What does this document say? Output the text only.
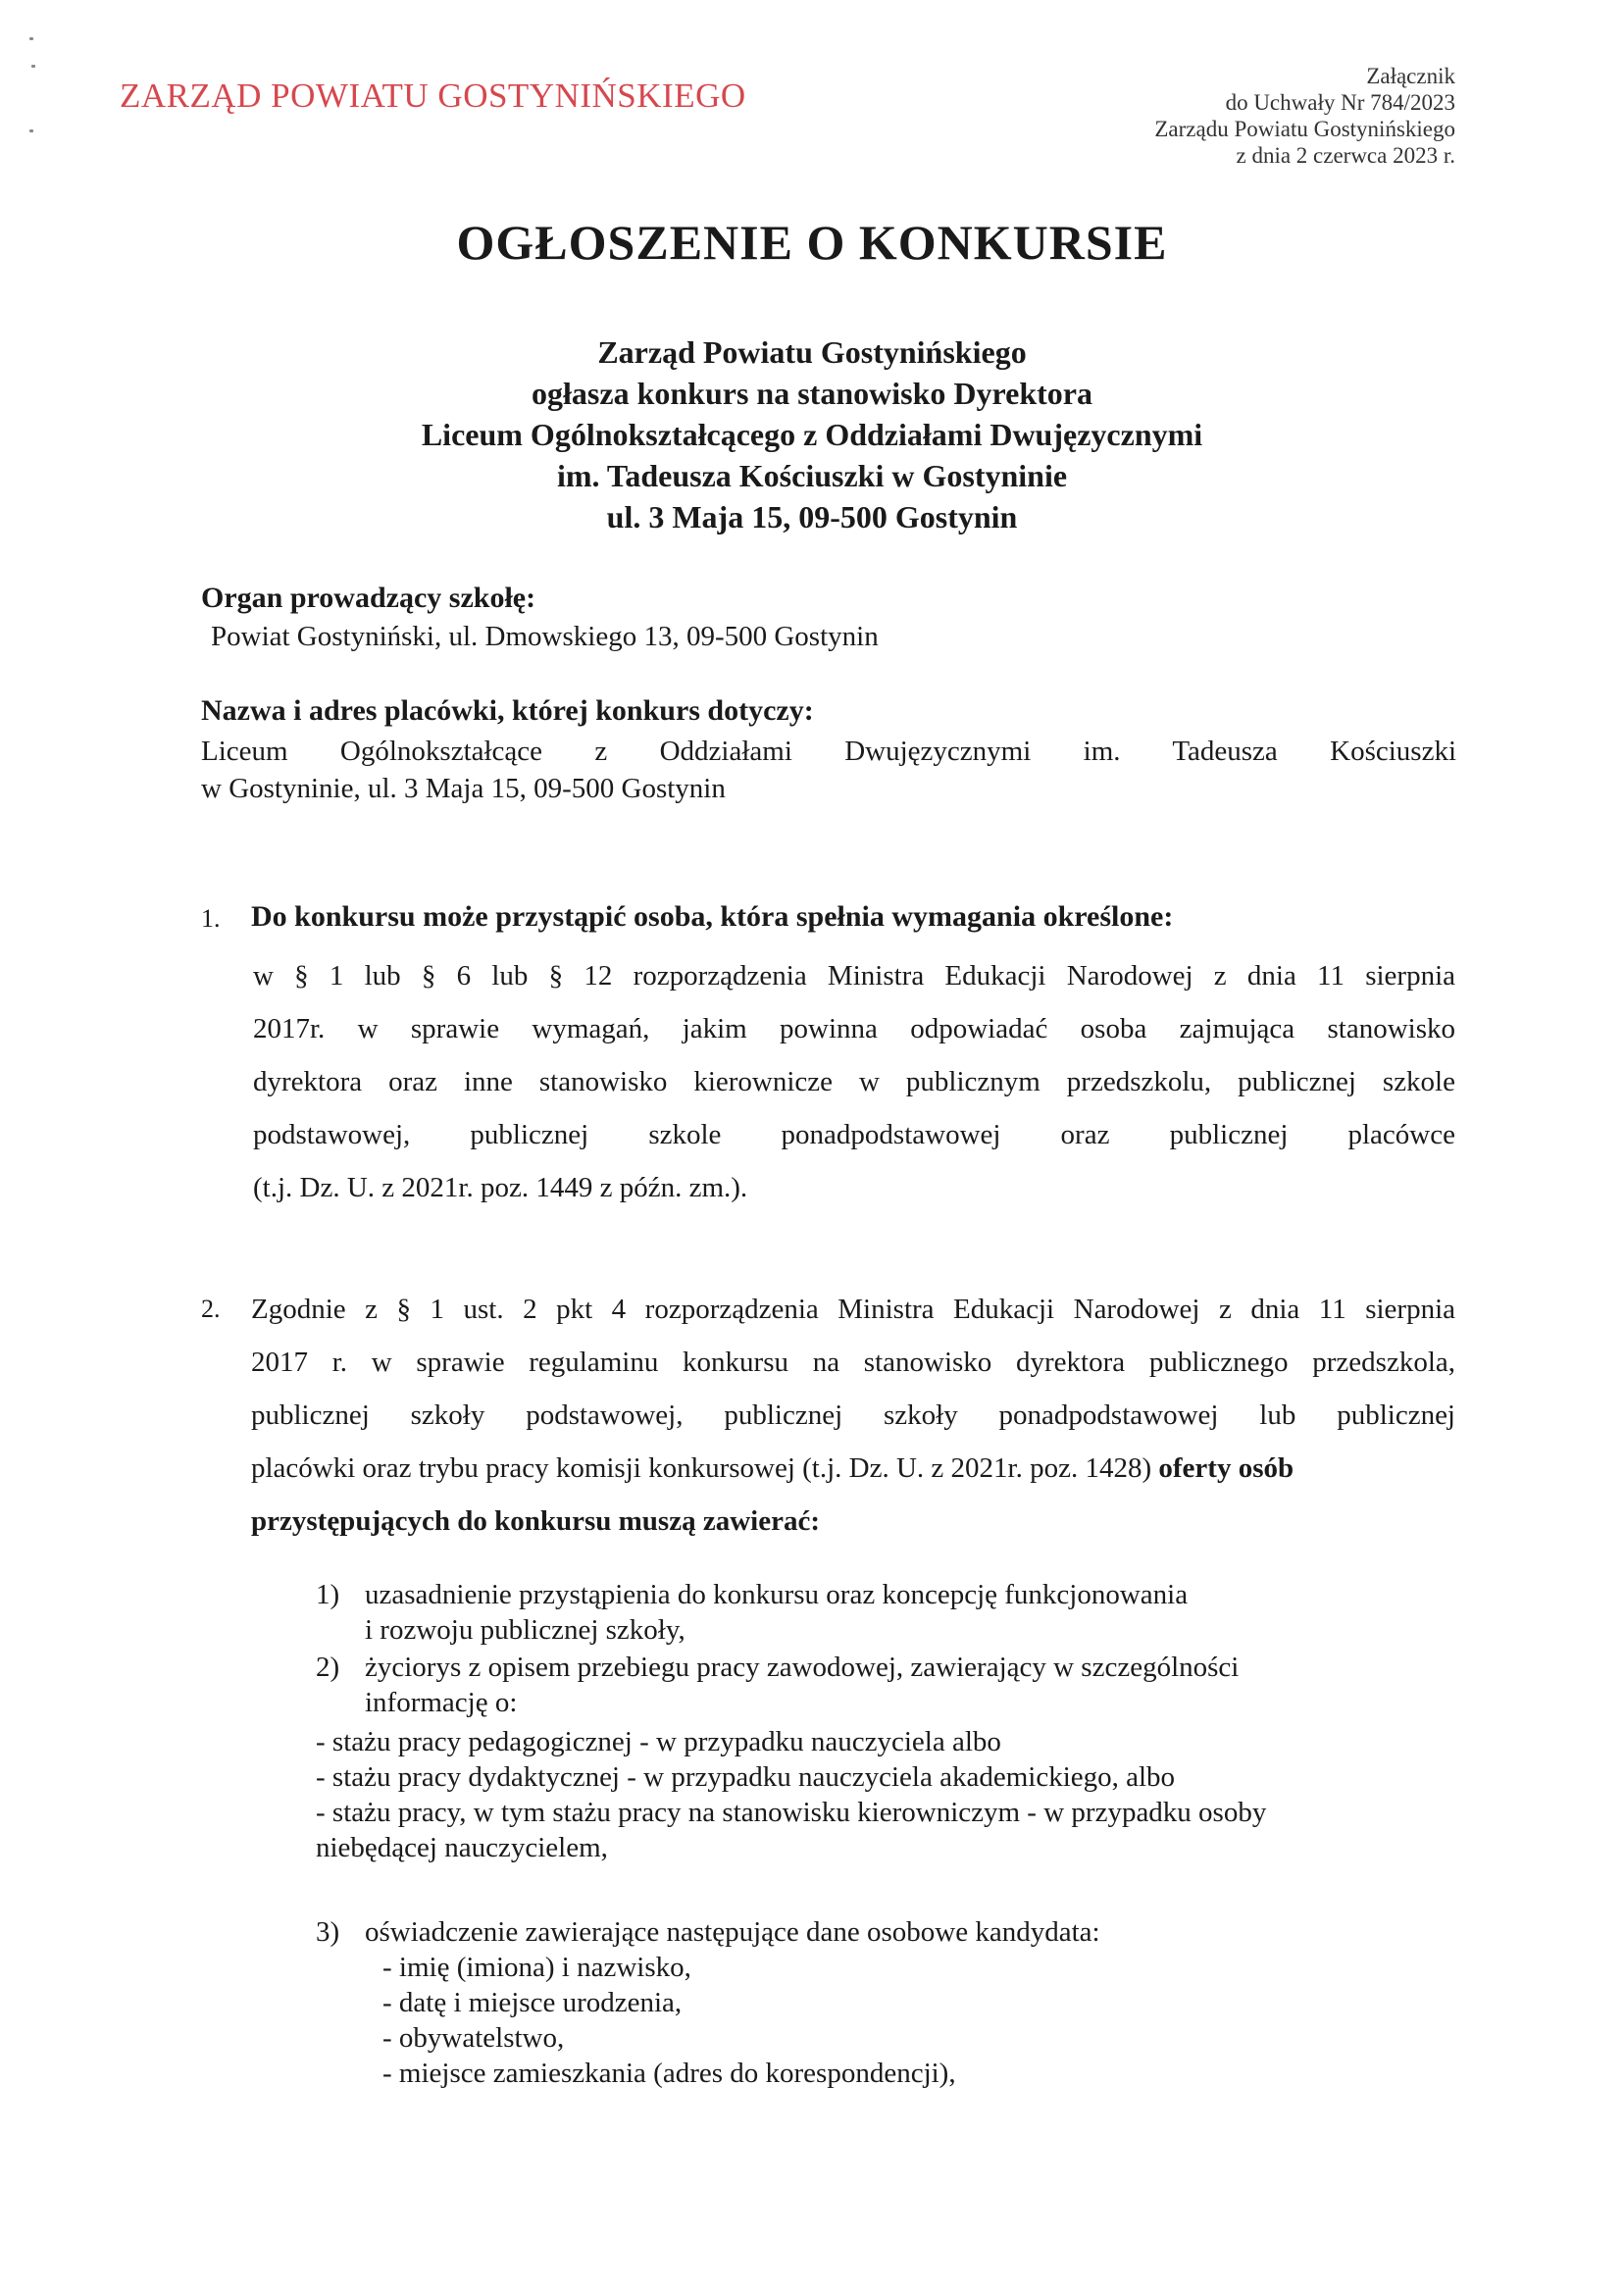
ZARZĄD POWIATU GOSTYNIŃSKIEGO
Załącznik
do Uchwały Nr 784/2023
Zarządu Powiatu Gostynińskiego
z dnia 2 czerwca 2023 r.
OGŁOSZENIE O KONKURSIE
Zarząd Powiatu Gostynińskiego
ogłasza konkurs na stanowisko Dyrektora
Liceum Ogólnokształcącego z Oddziałami Dwujęzycznymi
im. Tadeusza Kościuszki w Gostyninie
ul. 3 Maja 15, 09-500 Gostynin
Organ prowadzący szkołę:
Powiat Gostyniński, ul. Dmowskiego 13, 09-500 Gostynin
Nazwa i adres placówki, której konkurs dotyczy:
Liceum Ogólnokształcące z Oddziałami Dwujęzycznymi im. Tadeusza Kościuszki
w Gostyninie, ul. 3 Maja 15, 09-500 Gostynin
1. Do konkursu może przystąpić osoba, która spełnia wymagania określone:
w § 1 lub § 6 lub § 12 rozporządzenia Ministra Edukacji Narodowej z dnia 11 sierpnia
2017r. w sprawie wymagań, jakim powinna odpowiadać osoba zajmująca stanowisko
dyrektora oraz inne stanowisko kierownicze w publicznym przedszkolu, publicznej szkole
podstawowej, publicznej szkole ponadpodstawowej oraz publicznej placówce
(t.j. Dz. U. z 2021r. poz. 1449 z późn. zm.).
2. Zgodnie z § 1 ust. 2 pkt 4 rozporządzenia Ministra Edukacji Narodowej z dnia 11 sierpnia
2017 r. w sprawie regulaminu konkursu na stanowisko dyrektora publicznego przedszkola,
publicznej szkoły podstawowej, publicznej szkoły ponadpodstawowej lub publicznej
placówki oraz trybu pracy komisji konkursowej (t.j. Dz. U. z 2021r. poz. 1428) oferty osób
przystępujących do konkursu muszą zawierać:
1) uzasadnienie przystąpienia do konkursu oraz koncepcję funkcjonowania
i rozwoju publicznej szkoły,
2) życiorys z opisem przebiegu pracy zawodowej, zawierający w szczególności
informację o:
- stażu pracy pedagogicznej - w przypadku nauczyciela albo
- stażu pracy dydaktycznej - w przypadku nauczyciela akademickiego, albo
- stażu pracy, w tym stażu pracy na stanowisku kierowniczym - w przypadku osoby
niebędącej nauczycielem,
3) oświadczenie zawierające następujące dane osobowe kandydata:
- imię (imiona) i nazwisko,
- datę i miejsce urodzenia,
- obywatelstwo,
- miejsce zamieszkania (adres do korespondencji),
